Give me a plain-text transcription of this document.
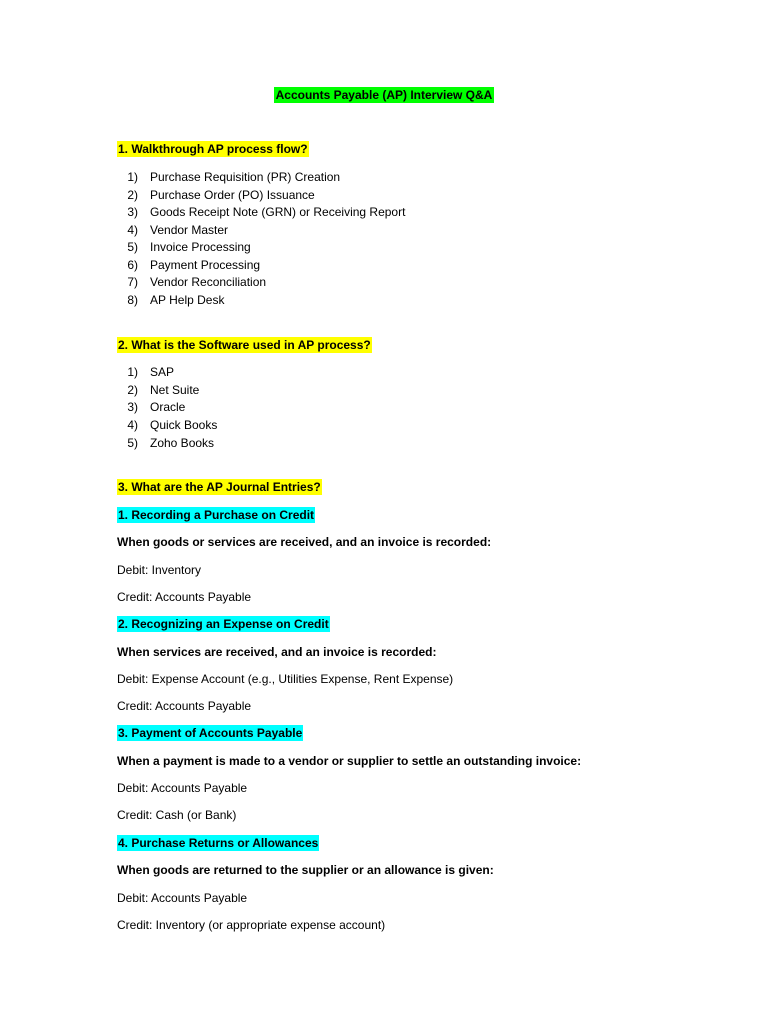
Accounts Payable (AP) Interview Q&A
1. Walkthrough AP process flow?
1) Purchase Requisition (PR) Creation
2) Purchase Order (PO) Issuance
3) Goods Receipt Note (GRN) or Receiving Report
4) Vendor Master
5) Invoice Processing
6) Payment Processing
7) Vendor Reconciliation
8) AP Help Desk
2. What is the Software used in AP process?
1) SAP
2) Net Suite
3) Oracle
4) Quick Books
5) Zoho Books
3. What are the AP Journal Entries?
1. Recording a Purchase on Credit
When goods or services are received, and an invoice is recorded:
Debit: Inventory
Credit: Accounts Payable
2. Recognizing an Expense on Credit
When services are received, and an invoice is recorded:
Debit: Expense Account (e.g., Utilities Expense, Rent Expense)
Credit: Accounts Payable
3. Payment of Accounts Payable
When a payment is made to a vendor or supplier to settle an outstanding invoice:
Debit: Accounts Payable
Credit: Cash (or Bank)
4. Purchase Returns or Allowances
When goods are returned to the supplier or an allowance is given:
Debit: Accounts Payable
Credit: Inventory (or appropriate expense account)
